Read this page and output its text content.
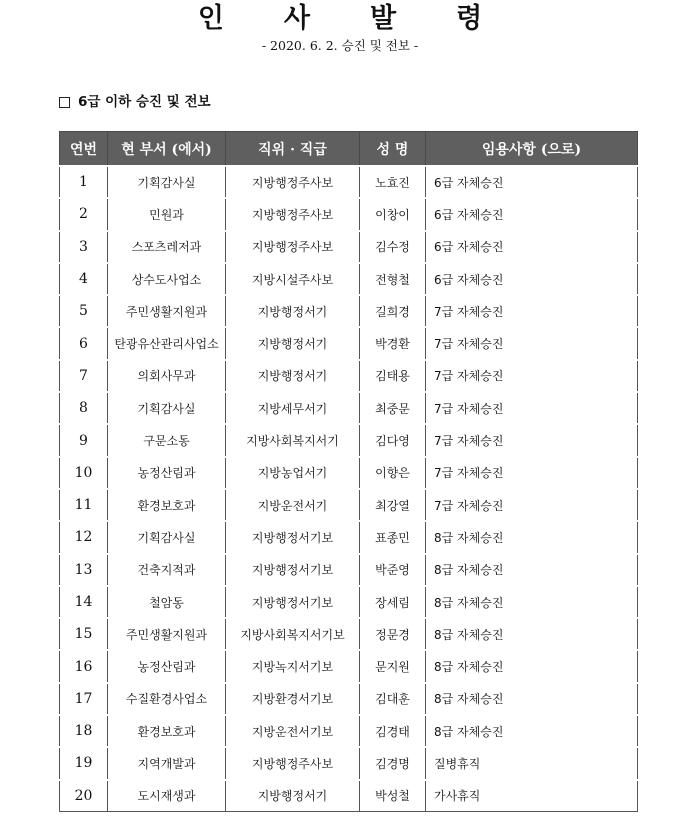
인 사 발 령
- 2020. 6. 2. 승진 및 전보 -
6급 이하 승진 및 전보
연번	현 부서 (에서)	직위 · 직급	성 명	임용사항 (으로)
1	기획감사실	지방행정주사보	노효진	6급 자체승진
2	민원과	지방행정주사보	이창이	6급 자체승진
3	스포츠레저과	지방행정주사보	김수정	6급 자체승진
4	상수도사업소	지방시설주사보	전형철	6급 자체승진
5	주민생활지원과	지방행정서기	길희경	7급 자체승진
6	탄광유산관리사업소	지방행정서기	박경환	7급 자체승진
7	의회사무과	지방행정서기	김태용	7급 자체승진
8	기획감사실	지방세무서기	최중문	7급 자체승진
9	구문소동	지방사회복지서기	김다영	7급 자체승진
10	농정산림과	지방농업서기	이향은	7급 자체승진
11	환경보호과	지방운전서기	최강열	7급 자체승진
12	기획감사실	지방행정서기보	표종민	8급 자체승진
13	건축지적과	지방행정서기보	박준영	8급 자체승진
14	철암동	지방행정서기보	장세림	8급 자체승진
15	주민생활지원과	지방사회복지서기보	정문경	8급 자체승진
16	농정산림과	지방녹지서기보	문지원	8급 자체승진
17	수질환경사업소	지방환경서기보	김대훈	8급 자체승진
18	환경보호과	지방운전서기보	김경태	8급 자체승진
19	지역개발과	지방행정주사보	김경명	질병휴직
20	도시재생과	지방행정서기	박성철	가사휴직
